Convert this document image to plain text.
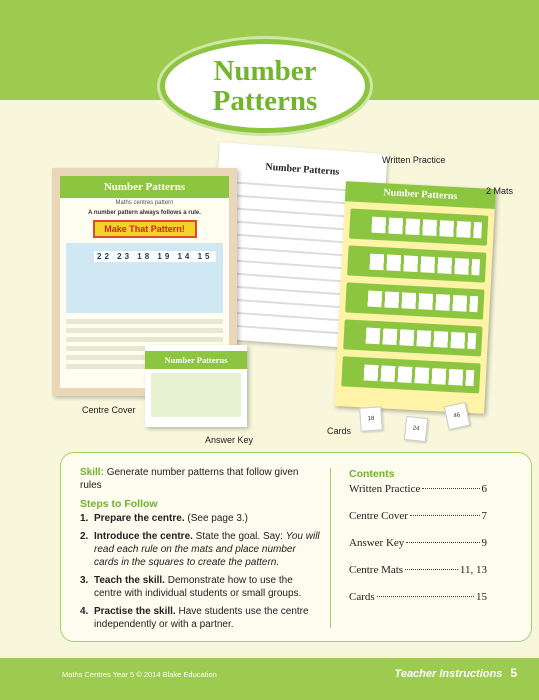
Number
Patterns
Number Patterns
Written Practice
Number Patterns
Maths centres pattern
A number pattern always follows a rule.
Make That Pattern!
22 23 18 19 14 15
Centre Cover
Number Patterns	2 Mats
Number Patterns
Answer Key
18
24
46
Cards
Skill: Generate number patterns that follow given rules
Steps to Follow
1. Prepare the centre. (See page 3.)
2. Introduce the centre. State the goal. Say: You will read each rule on the mats and place number cards in the squares to create the pattern.
3. Teach the skill. Demonstrate how to use the centre with individual students or small groups.
4. Practise the skill. Have students use the centre independently or with a partner.
Contents
Written Practice	6
Centre Cover	7
Answer Key	9
Centre Mats	11, 13
Cards	15
Maths Centres Year 5 © 2014 Blake Education	Teacher Instructions 5
